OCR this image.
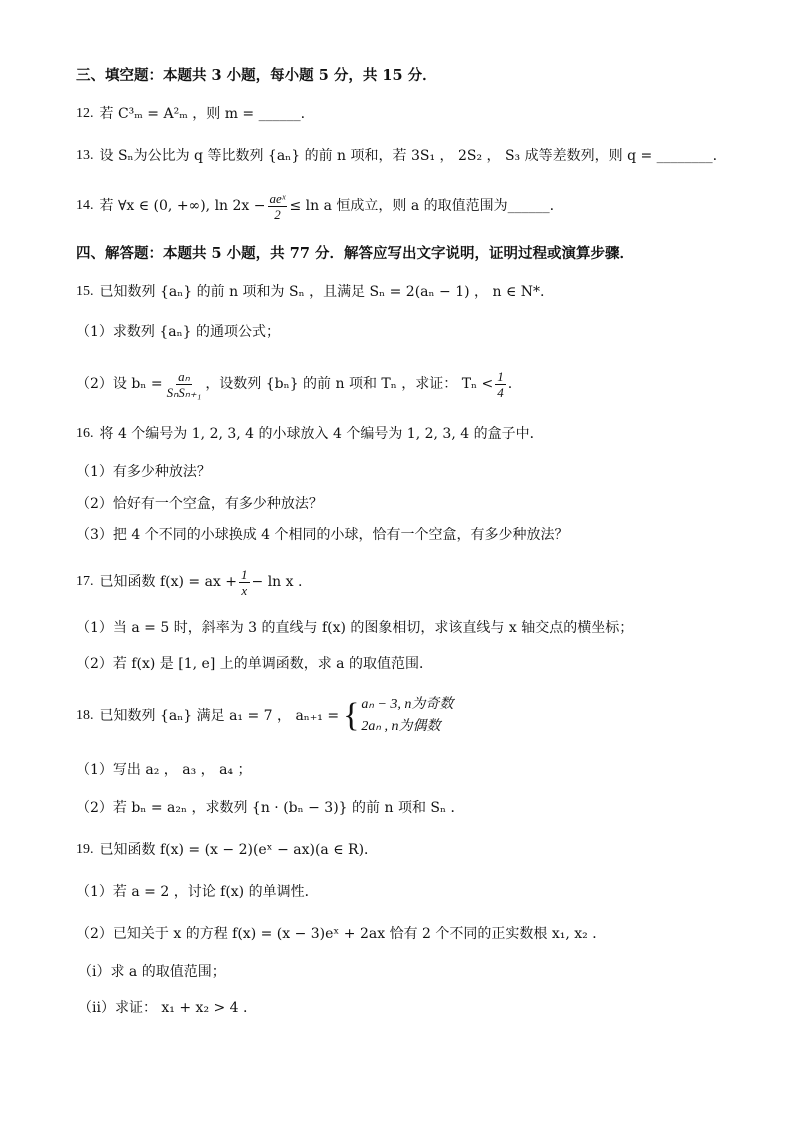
三、填空题：本题共 3 小题，每小题 5 分，共 15 分．
12. 若 C³ₘ = A²ₘ ，则 m = ______.
13. 设 Sₙ为公比为 q 等比数列 {aₙ} 的前 n 项和，若 3S₁ ， 2S₂ ， S₃ 成等差数列，则 q = ________.
14. 若 ∀x ∈ (0, +∞), $\ln 2x - \frac{\text{aeˣ}}{2} \le \ln a$ 恒成立，则 a 的取值范围为______.
四、解答题：本题共 5 小题，共 77 分．解答应写出文字说明，证明过程或演算步骤．
15. 已知数列 {aₙ} 的前 n 项和为 Sₙ ，且满足 Sₙ = 2(aₙ − 1) ， n ∈ N*.
（1）求数列 {aₙ} 的通项公式；
（2）设 $b_n = \frac{\text{aₙ}}{\text{SₙSₙ₊₁}}$ ，设数列 {bₙ} 的前 n 项和 Tₙ ，求证： $T_n < \frac{1}{4}$ .
16. 将 4 个编号为 1, 2, 3, 4 的小球放入 4 个编号为 1, 2, 3, 4 的盒子中．
（1）有多少种放法？
（2）恰好有一个空盒，有多少种放法？
（3）把 4 个不同的小球换成 4 个相同的小球，恰有一个空盒，有多少种放法？
17. 已知函数 f(x) = ax + $\frac{1}{x} - \ln x$ .
（1）当 a = 5 时，斜率为 3 的直线与 f(x) 的图象相切，求该直线与 x 轴交点的横坐标；
（2）若 f(x) 是 [1, e] 上的单调函数，求 a 的取值范围．
18. 已知数列 {aₙ} 满足 a₁ = 7 ， aₙ₊₁ = { aₙ − 3, n为奇数
2aₙ , n为偶数
（1）写出 a₂ ， a₃ ， a₄ ；
（2）若 bₙ = a₂ₙ ，求数列 {n · (bₙ − 3)} 的前 n 项和 Sₙ ．
19. 已知函数 f(x) = (x − 2)(eˣ − ax)(a ∈ R)．
（1）若 a = 2 ，讨论 f(x) 的单调性．
（2）已知关于 x 的方程 f(x) = (x − 3)eˣ + 2ax 恰有 2 个不同的正实数根 x₁, x₂ ．
（i）求 a 的取值范围；
（ii）求证： x₁ + x₂ > 4 .
